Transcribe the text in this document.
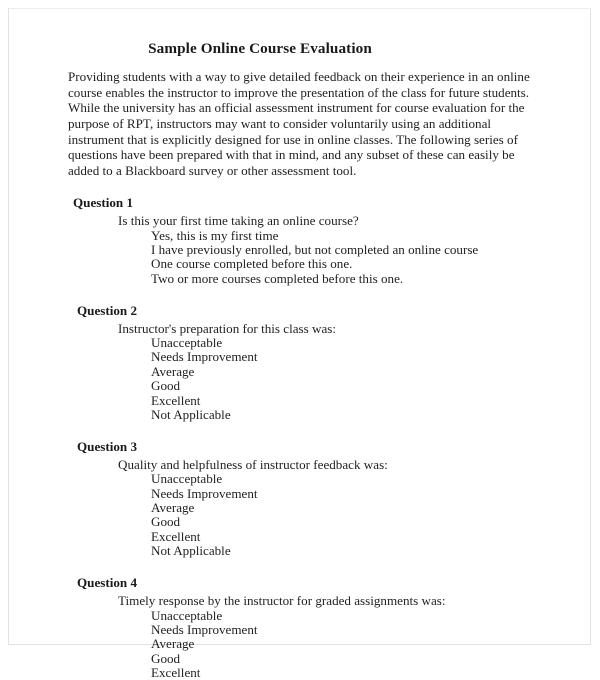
Sample Online Course Evaluation

Providing students with a way to give detailed feedback on their experience in an online course enables the instructor to improve the presentation of the class for future students. While the university has an official assessment instrument for course evaluation for the purpose of RPT, instructors may want to consider voluntarily using an additional instrument that is explicitly designed for use in online classes. The following series of questions have been prepared with that in mind, and any subset of these can easily be added to a Blackboard survey or other assessment tool.

Question 1
Is this your first time taking an online course?
Yes, this is my first time
I have previously enrolled, but not completed an online course
One course completed before this one.
Two or more courses completed before this one.
Question 2
Instructor's preparation for this class was:
Unacceptable
Needs Improvement
Average
Good
Excellent
Not Applicable
Question 3
Quality and helpfulness of instructor feedback was:
Unacceptable
Needs Improvement
Average
Good
Excellent
Not Applicable
Question 4
Timely response by the instructor for graded assignments was:
Unacceptable
Needs Improvement
Average
Good
Excellent
